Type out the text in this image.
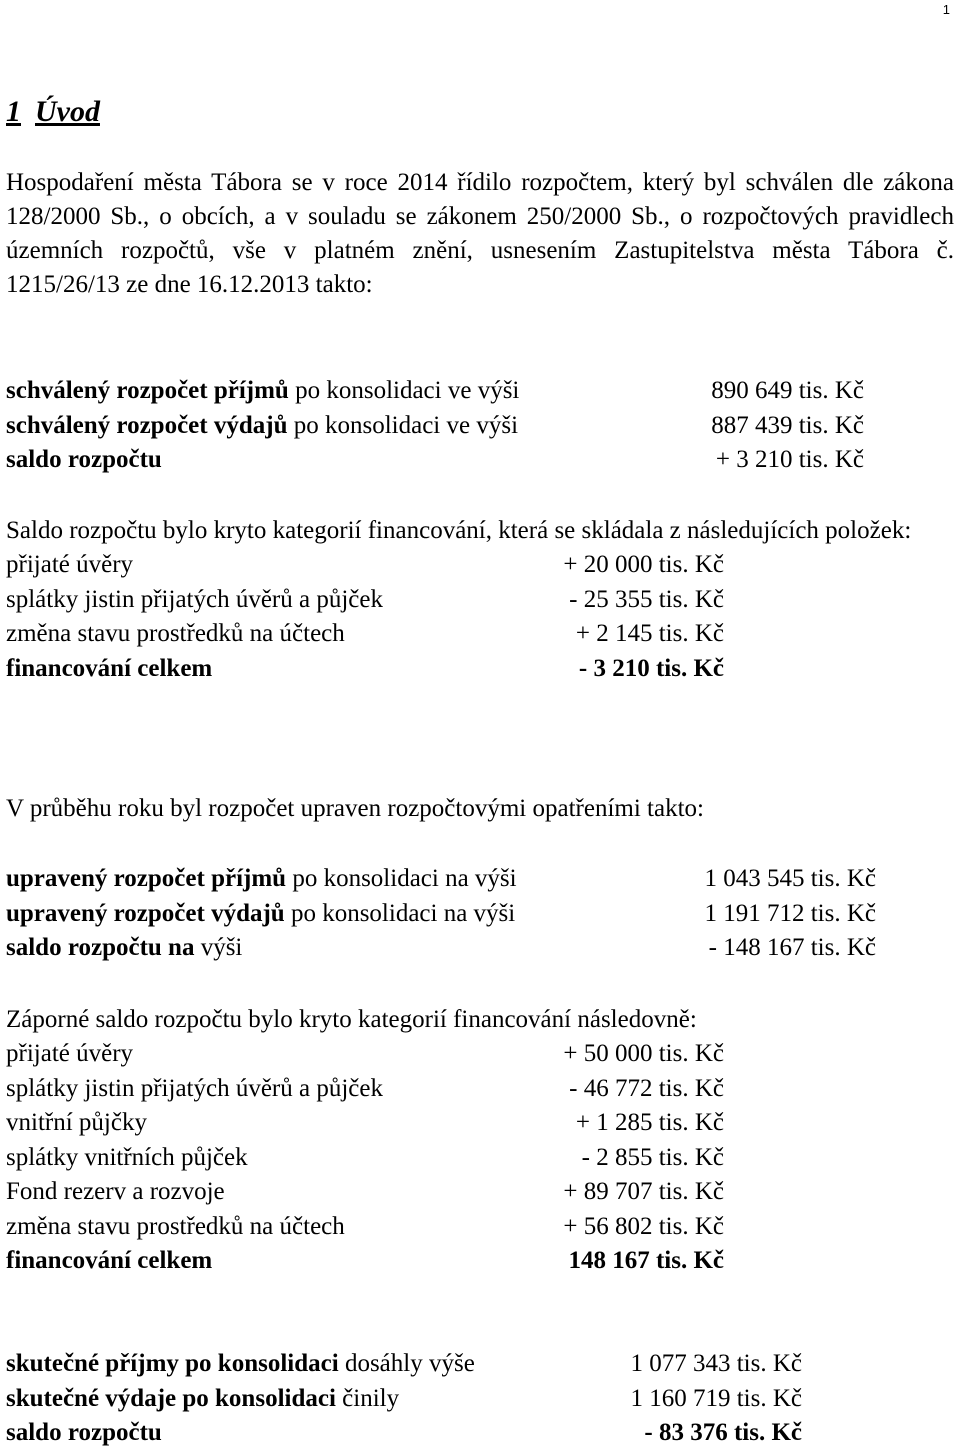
1
1 Úvod

Hospodaření města Tábora se v roce 2014 řídilo rozpočtem, který byl schválen dle zákona 128/2000 Sb., o obcích, a v souladu se zákonem 250/2000 Sb., o rozpočtových pravidlech územních rozpočtů, vše v platném znění, usnesením Zastupitelstva města Tábora č. 1215/26/13 ze dne 16.12.2013 takto:

schválený rozpočet příjmů po konsolidaci ve výši	890 649 tis. Kč
schválený rozpočet výdajů po konsolidaci ve výši	887 439 tis. Kč
saldo rozpočtu	+ 3 210 tis. Kč

Saldo rozpočtu bylo kryto kategorií financování, která se skládala z následujících položek:

přijaté úvěry	+ 20 000 tis. Kč
splátky jistin přijatých úvěrů a půjček	- 25 355 tis. Kč
změna stavu prostředků na účtech	+ 2 145 tis. Kč
financování celkem	- 3 210 tis. Kč

V průběhu roku byl rozpočet upraven rozpočtovými opatřeními takto:

upravený rozpočet příjmů po konsolidaci na výši	1 043 545 tis. Kč
upravený rozpočet výdajů po konsolidaci na výši	1 191 712 tis. Kč
saldo rozpočtu na výši	- 148 167 tis. Kč

Záporné saldo rozpočtu bylo kryto kategorií financování následovně:

přijaté úvěry	+ 50 000 tis. Kč
splátky jistin přijatých úvěrů a půjček	- 46 772 tis. Kč
vnitřní půjčky	+ 1 285 tis. Kč
splátky vnitřních půjček	- 2 855 tis. Kč
Fond rezerv a rozvoje	+ 89 707 tis. Kč
změna stavu prostředků na účtech	+ 56 802 tis. Kč
financování celkem	148 167 tis. Kč
skutečné příjmy po konsolidaci dosáhly výše	1 077 343 tis. Kč
skutečné výdaje po konsolidaci činily	1 160 719 tis. Kč
saldo rozpočtu	- 83 376 tis. Kč
